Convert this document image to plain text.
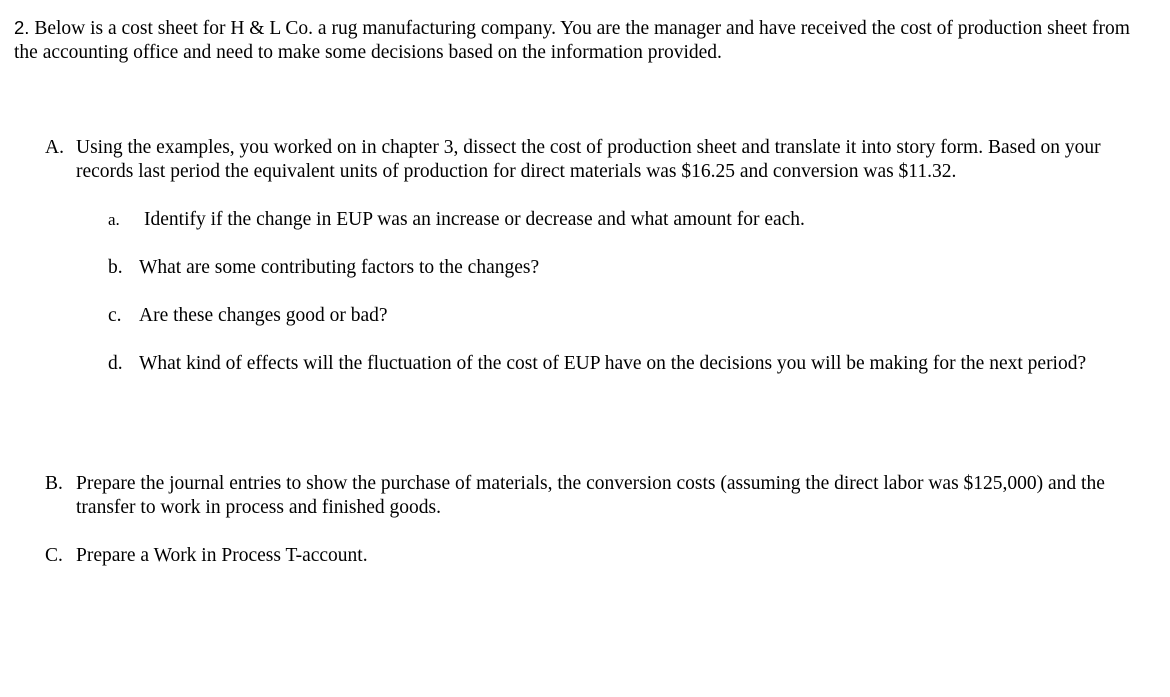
2. Below is a cost sheet for H & L Co. a rug manufacturing company. You are the manager and have received the cost of production sheet from the accounting office and need to make some decisions based on the information provided.

A. Using the examples, you worked on in chapter 3, dissect the cost of production sheet and translate it into story form. Based on your records last period the equivalent units of production for direct materials was $16.25 and conversion was $11.32.
a.	Identify if the change in EUP was an increase or decrease and what amount for each.
b. What are some contributing factors to the changes?
c. Are these changes good or bad?
d. What kind of effects will the fluctuation of the cost of EUP have on the decisions you will be making for the next period?
B. Prepare the journal entries to show the purchase of materials, the conversion costs (assuming the direct labor was $125,000) and the transfer to work in process and finished goods.
C. Prepare a Work in Process T-account.
